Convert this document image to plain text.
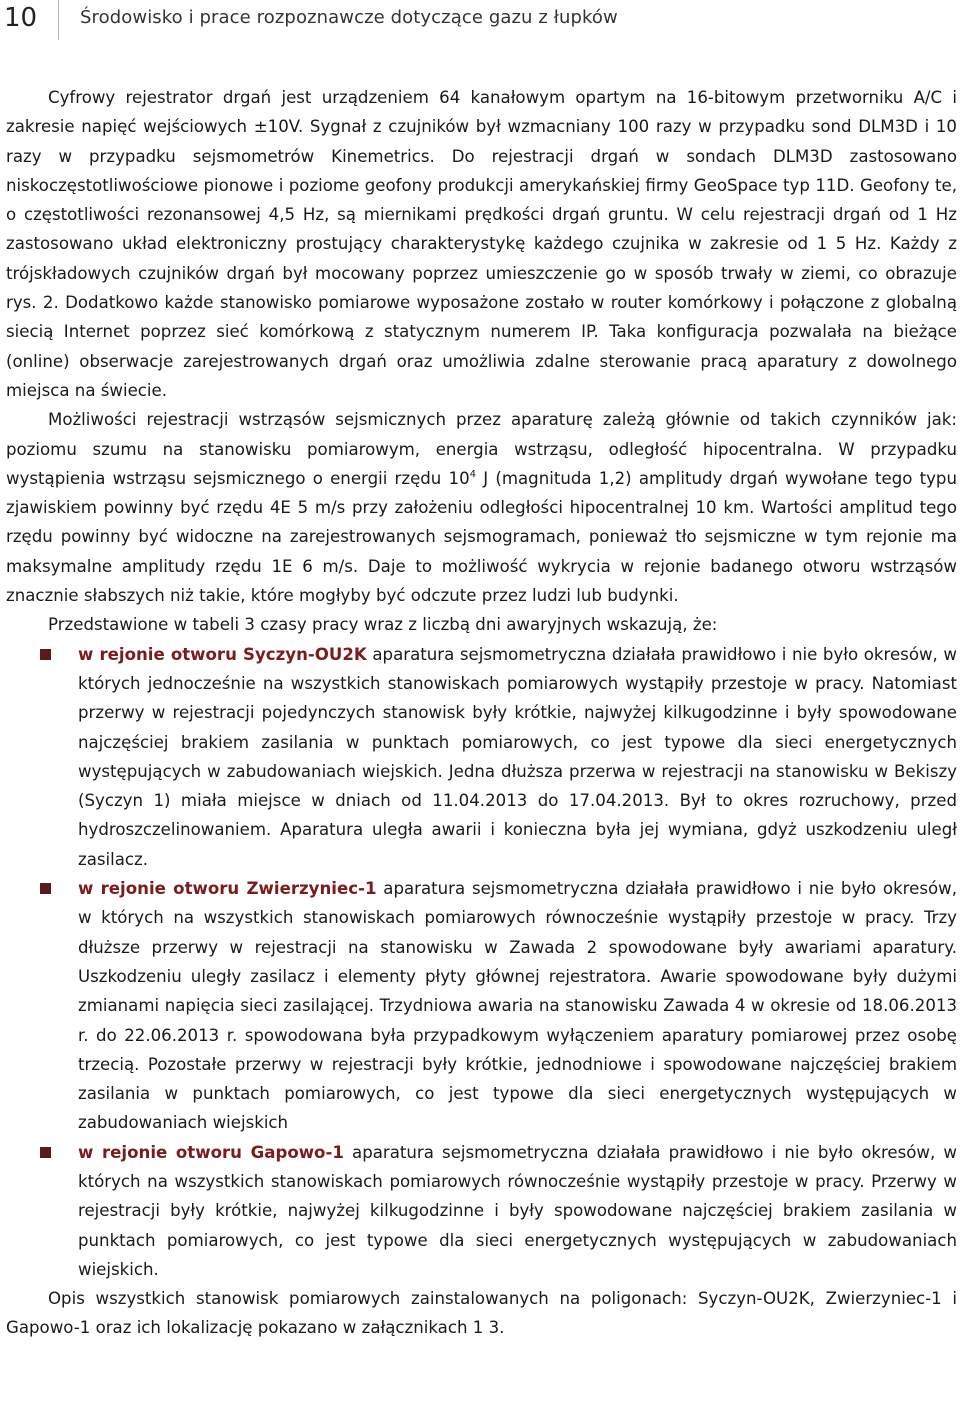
10 Środowisko i prace rozpoznawcze dotyczące gazu z łupków

Cyfrowy rejestrator drgań jest urządzeniem 64 kanałowym opartym na 16-bitowym przetworniku A/C i zakresie napięć wejściowych ±10V. Sygnał z czujników był wzmacniany 100 razy w przypadku sond DLM3D i 10 razy w przypadku sejsmometrów Kinemetrics. Do rejestracji drgań w sondach DLM3D zastosowano niskoczęstotliwościowe pionowe i poziome geofony produkcji amerykańskiej firmy GeoSpace typ 11D. Geofony te, o częstotliwości rezonansowej 4,5 Hz, są miernikami prędkości drgań gruntu. W celu rejestracji drgań od 1 Hz zastosowano układ elektroniczny prostujący charakterystykę każdego czujnika w zakresie od 1 5 Hz. Każdy z trójskładowych czujników drgań był mocowany poprzez umieszczenie go w sposób trwały w ziemi, co obrazuje rys. 2. Dodatkowo każde stanowisko pomiarowe wyposażone zostało w router komórkowy i połączone z globalną siecią Internet poprzez sieć komórkową z statycznym numerem IP. Taka konfiguracja pozwalała na bieżące (online) obserwacje zarejestrowanych drgań oraz umożliwia zdalne sterowanie pracą aparatury z dowolnego miejsca na świecie.

Możliwości rejestracji wstrząsów sejsmicznych przez aparaturę zależą głównie od takich czynników jak: poziomu szumu na stanowisku pomiarowym, energia wstrząsu, odległość hipocentralna. W przypadku wystąpienia wstrząsu sejsmicznego o energii rzędu $10^4$ J (magnituda 1,2) amplitudy drgań wywołane tego typu zjawiskiem powinny być rzędu 4E 5 m/s przy założeniu odległości hipocentralnej 10 km. Wartości amplitud tego rzędu powinny być widoczne na zarejestrowanych sejsmogramach, ponieważ tło sejsmiczne w tym rejonie ma maksymalne amplitudy rzędu 1E 6 m/s. Daje to możliwość wykrycia w rejonie badanego otworu wstrząsów znacznie słabszych niż takie, które mogłyby być odczute przez ludzi lub budynki.

Przedstawione w tabeli 3 czasy pracy wraz z liczbą dni awaryjnych wskazują, że:

w rejonie otworu Syczyn-OU2K aparatura sejsmometryczna działała prawidłowo i nie było okresów, w których jednocześnie na wszystkich stanowiskach pomiarowych wystąpiły przestoje w pracy. Natomiast przerwy w rejestracji pojedynczych stanowisk były krótkie, najwyżej kilkugodzinne i były spowodowane najczęściej brakiem zasilania w punktach pomiarowych, co jest typowe dla sieci energetycznych występujących w zabudowaniach wiejskich. Jedna dłuższa przerwa w rejestracji na stanowisku w Bekiszy (Syczyn 1) miała miejsce w dniach od 11.04.2013 do 17.04.2013. Był to okres rozruchowy, przed hydroszczelinowaniem. Aparatura uległa awarii i konieczna była jej wymiana, gdyż uszkodzeniu uległ zasilacz.
w rejonie otworu Zwierzyniec-1 aparatura sejsmometryczna działała prawidłowo i nie było okresów, w których na wszystkich stanowiskach pomiarowych równocześnie wystąpiły przestoje w pracy. Trzy dłuższe przerwy w rejestracji na stanowisku w Zawada 2 spowodowane były awariami aparatury. Uszkodzeniu uległy zasilacz i elementy płyty głównej rejestratora. Awarie spowodowane były dużymi zmianami napięcia sieci zasilającej. Trzydniowa awaria na stanowisku Zawada 4 w okresie od 18.06.2013 r. do 22.06.2013 r. spowodowana była przypadkowym wyłączeniem aparatury pomiarowej przez osobę trzecią. Pozostałe przerwy w rejestracji były krótkie, jednodniowe i spowodowane najczęściej brakiem zasilania w punktach pomiarowych, co jest typowe dla sieci energetycznych występujących w zabudowaniach wiejskich
w rejonie otworu Gapowo-1 aparatura sejsmometryczna działała prawidłowo i nie było okresów, w których na wszystkich stanowiskach pomiarowych równocześnie wystąpiły przestoje w pracy. Przerwy w rejestracji były krótkie, najwyżej kilkugodzinne i były spowodowane najczęściej brakiem zasilania w punktach pomiarowych, co jest typowe dla sieci energetycznych występujących w zabudowaniach wiejskich.

Opis wszystkich stanowisk pomiarowych zainstalowanych na poligonach: Syczyn-OU2K, Zwierzyniec-1 i Gapowo-1 oraz ich lokalizację pokazano w załącznikach 1 3.
